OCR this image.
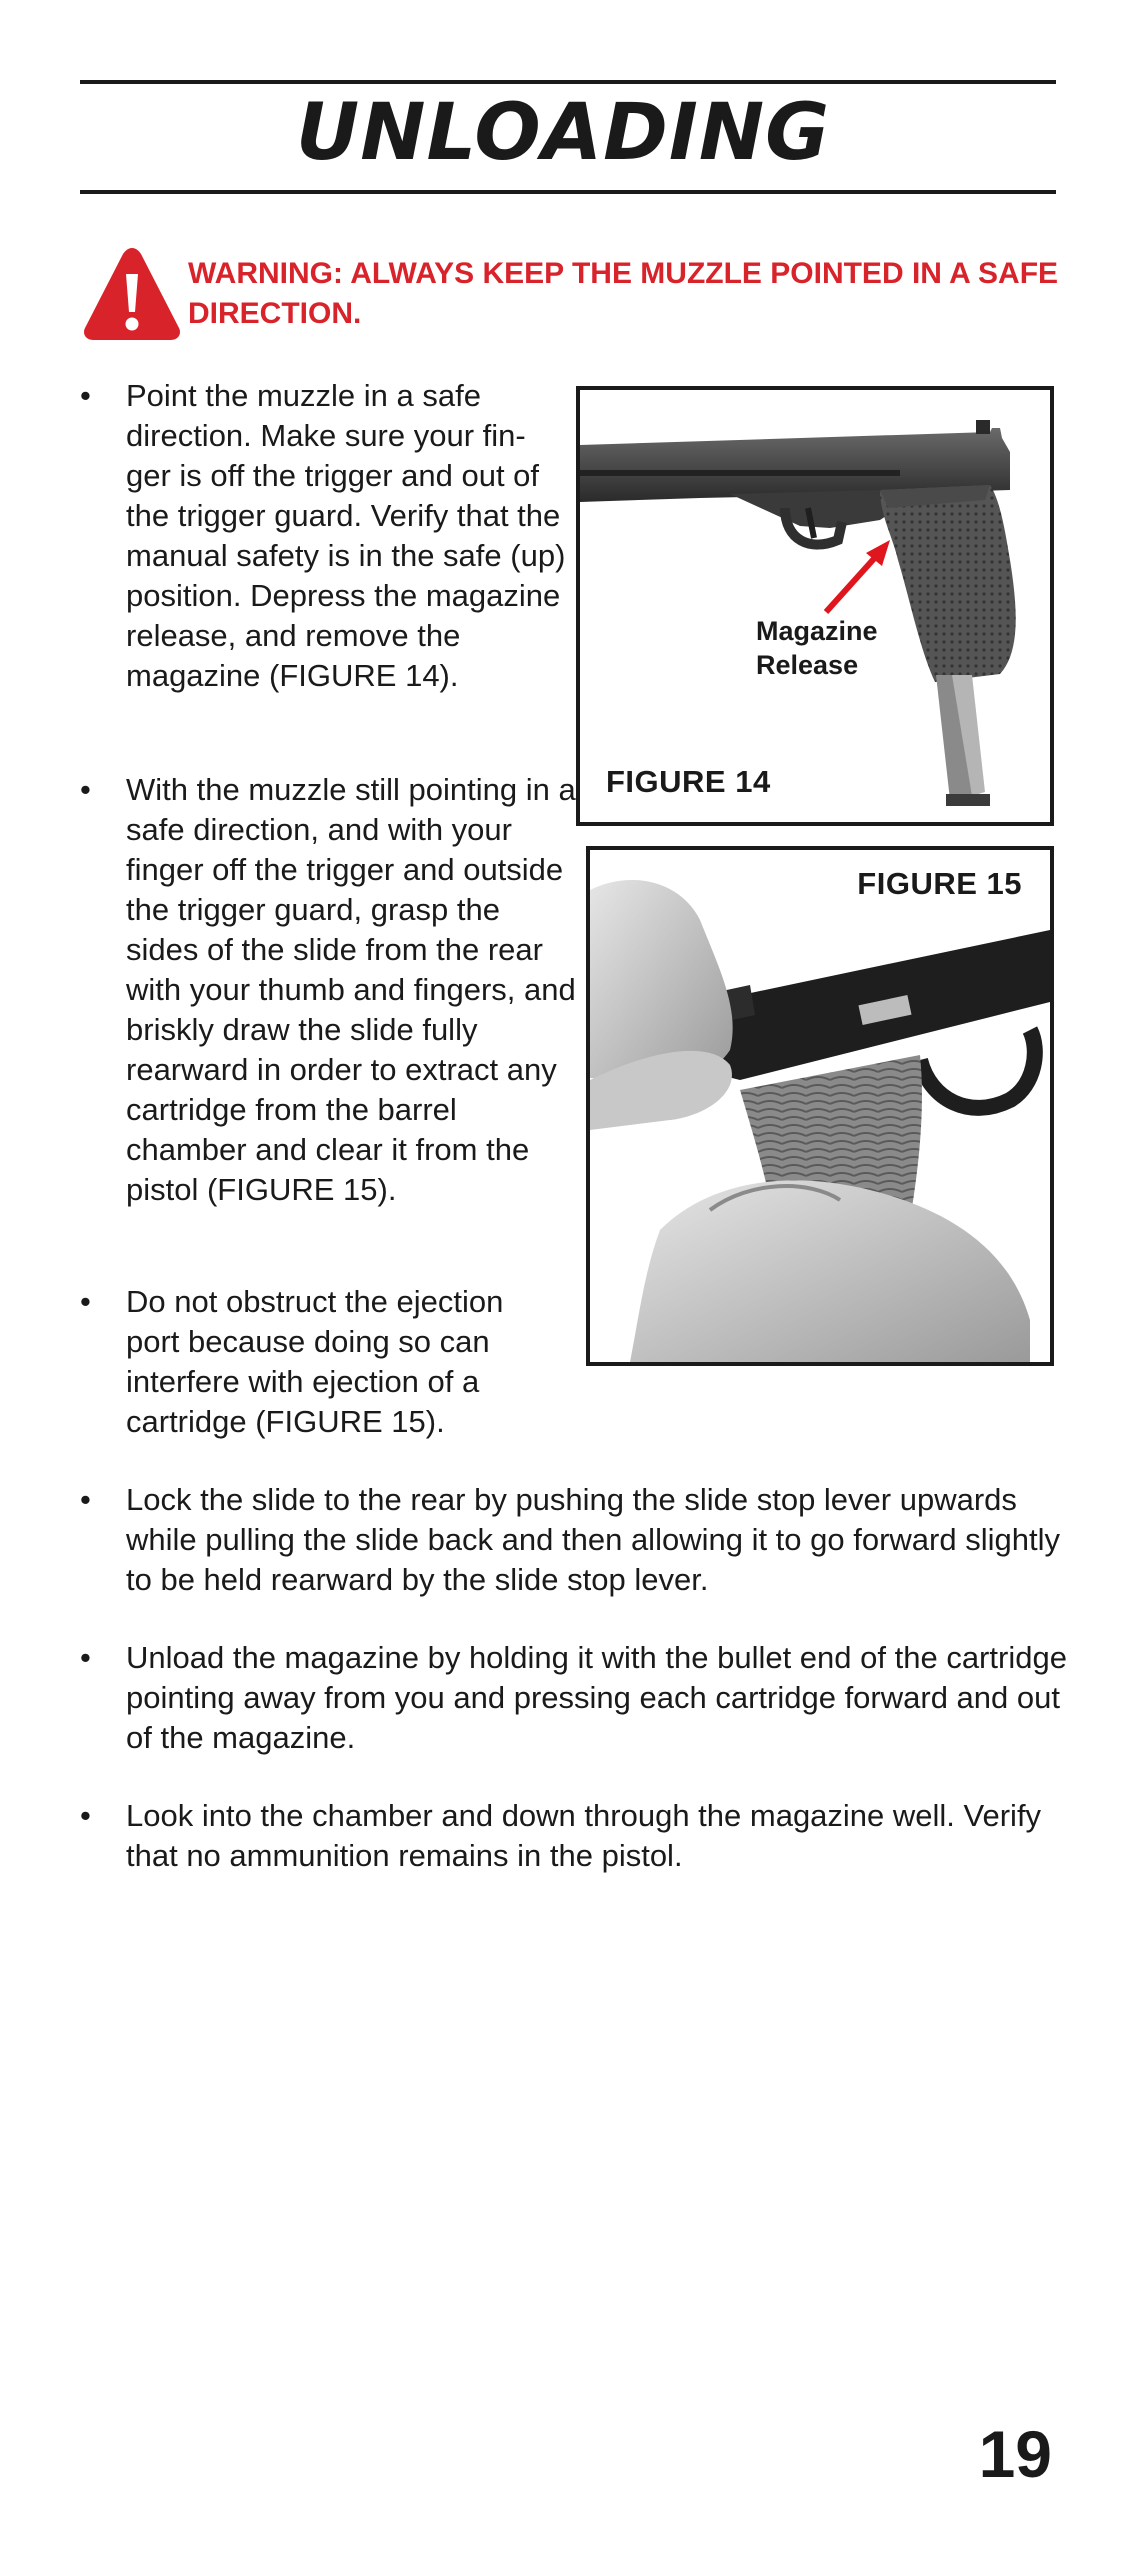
UNLOADING
WARNING: ALWAYS KEEP THE MUZZLE POINTED IN A SAFE DIRECTION.
•	Point the muzzle in a safe direction. Make sure your fin-ger is off the trigger and out of the trigger guard. Verify that the manual safety is in the safe (up) position. Depress the magazine release, and remove the magazine (FIGURE 14).
•	With the muzzle still pointing in a safe direction, and with your finger off the trigger and outside the trigger guard, grasp the sides of the slide from the rear with your thumb and fingers, and briskly draw the slide fully rearward in order to extract any cartridge from the barrel chamber and clear it from the pistol (FIGURE 15).
•	Do not obstruct the ejection port because doing so can interfere with ejection of a cartridge (FIGURE 15).
•	Lock the slide to the rear by pushing the slide stop lever upwards while pulling the slide back and then allowing it to go forward slightly to be held rearward by the slide stop lever.
•	Unload the magazine by holding it with the bullet end of the cartridge pointing away from you and pressing each cartridge forward and out of the magazine.
•	Look into the chamber and down through the magazine well. Verify that no ammunition remains in the pistol.
Magazine
Release
FIGURE 14
FIGURE 15
19
